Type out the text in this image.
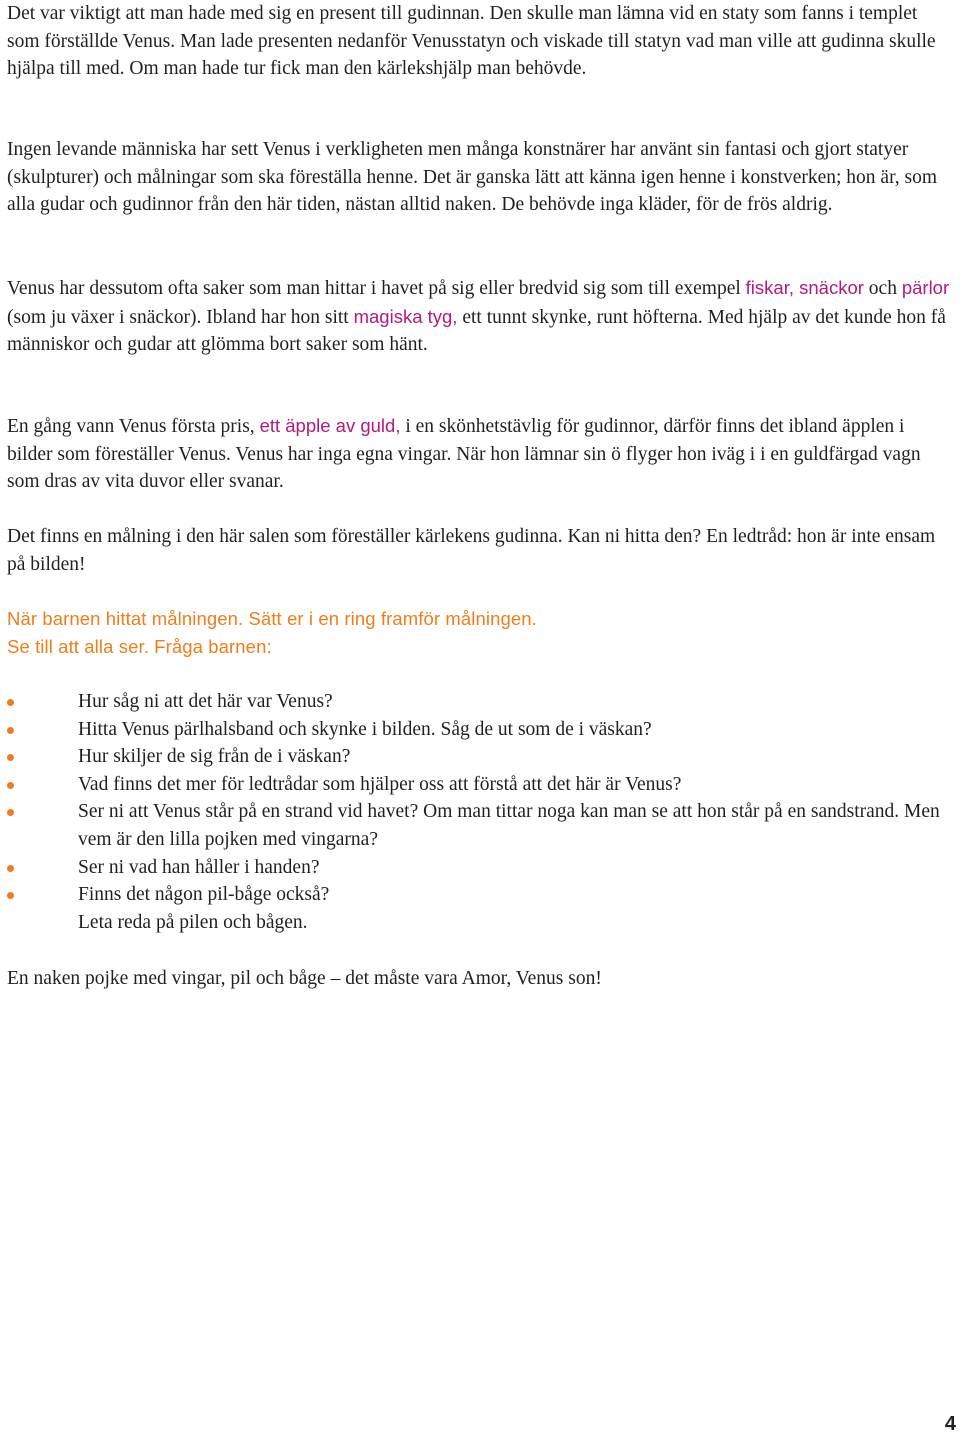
Det var viktigt att man hade med sig en present till gudinnan. Den skulle man lämna vid en staty som fanns i templet som förställde Venus. Man lade presenten nedanför Venusstatyn och viskade till statyn vad man ville att gudinna skulle hjälpa till med. Om man hade tur fick man den kärlekshjälp man behövde.

Ingen levande människa har sett Venus i verkligheten men många konstnärer har använt sin fantasi och gjort statyer (skulpturer) och målningar som ska föreställa henne. Det är ganska lätt att känna igen henne i konstverken; hon är, som alla gudar och gudinnor från den här tiden, nästan alltid naken. De behövde inga kläder, för de frös aldrig.

Venus har dessutom ofta saker som man hittar i havet på sig eller bredvid sig som till exempel fiskar, snäckor och pärlor (som ju växer i snäckor). Ibland har hon sitt magiska tyg, ett tunnt skynke, runt höfterna. Med hjälp av det kunde hon få människor och gudar att glömma bort saker som hänt.

En gång vann Venus första pris, ett äpple av guld, i en skönhetstävlig för gudinnor, därför finns det ibland äpplen i bilder som föreställer Venus. Venus har inga egna vingar. När hon lämnar sin ö flyger hon iväg i i en guldfärgad vagn som dras av vita duvor eller svanar.

Det finns en målning i den här salen som föreställer kärlekens gudinna. Kan ni hitta den? En ledtråd: hon är inte ensam på bilden!

När barnen hittat målningen. Sätt er i en ring framför målningen.
Se till att alla ser. Fråga barnen:

Hur såg ni att det här var Venus?
Hitta Venus pärlhalsband och skynke i bilden. Såg de ut som de i väskan?
Hur skiljer de sig från de i väskan?
Vad finns det mer för ledtrådar som hjälper oss att förstå att det här är Venus?
Ser ni att Venus står på en strand vid havet? Om man tittar noga kan man se att hon står på en sandstrand. Men vem är den lilla pojken med vingarna?
Ser ni vad han håller i handen?
Finns det någon pil-båge också?
Leta reda på pilen och bågen.

En naken pojke med vingar, pil och båge – det måste vara Amor, Venus son!

4
